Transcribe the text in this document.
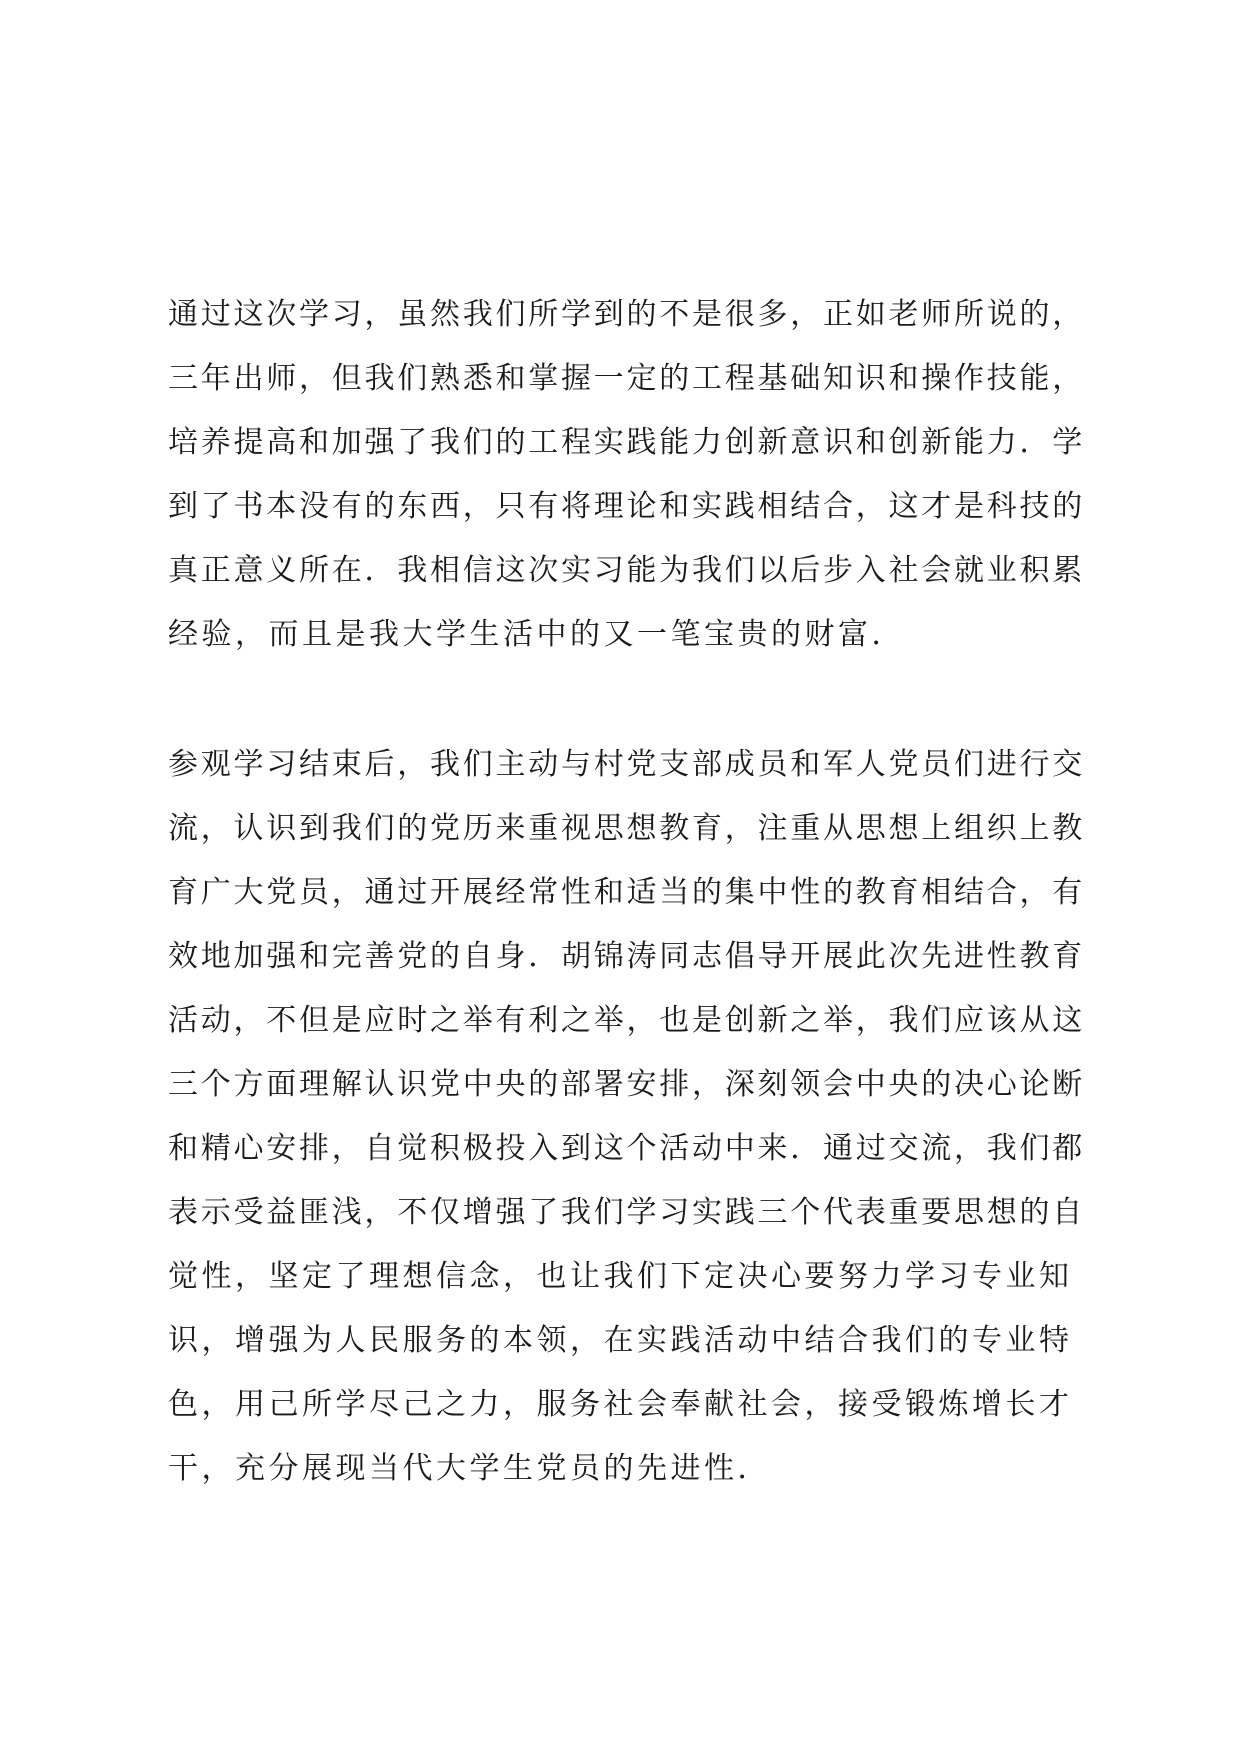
通过这次学习，虽然我们所学到的不是很多，正如老师所说的，
三年出师，但我们熟悉和掌握一定的工程基础知识和操作技能，
培养提高和加强了我们的工程实践能力创新意识和创新能力．学
到了书本没有的东西，只有将理论和实践相结合，这才是科技的
真正意义所在．我相信这次实习能为我们以后步入社会就业积累
经验，而且是我大学生活中的又一笔宝贵的财富．
参观学习结束后，我们主动与村党支部成员和军人党员们进行交
流，认识到我们的党历来重视思想教育，注重从思想上组织上教
育广大党员，通过开展经常性和适当的集中性的教育相结合，有
效地加强和完善党的自身．胡锦涛同志倡导开展此次先进性教育
活动，不但是应时之举有利之举，也是创新之举，我们应该从这
三个方面理解认识党中央的部署安排，深刻领会中央的决心论断
和精心安排，自觉积极投入到这个活动中来．通过交流，我们都
表示受益匪浅，不仅增强了我们学习实践三个代表重要思想的自
觉性，坚定了理想信念，也让我们下定决心要努力学习专业知
识，增强为人民服务的本领，在实践活动中结合我们的专业特
色，用己所学尽己之力，服务社会奉献社会，接受锻炼增长才
干，充分展现当代大学生党员的先进性．
